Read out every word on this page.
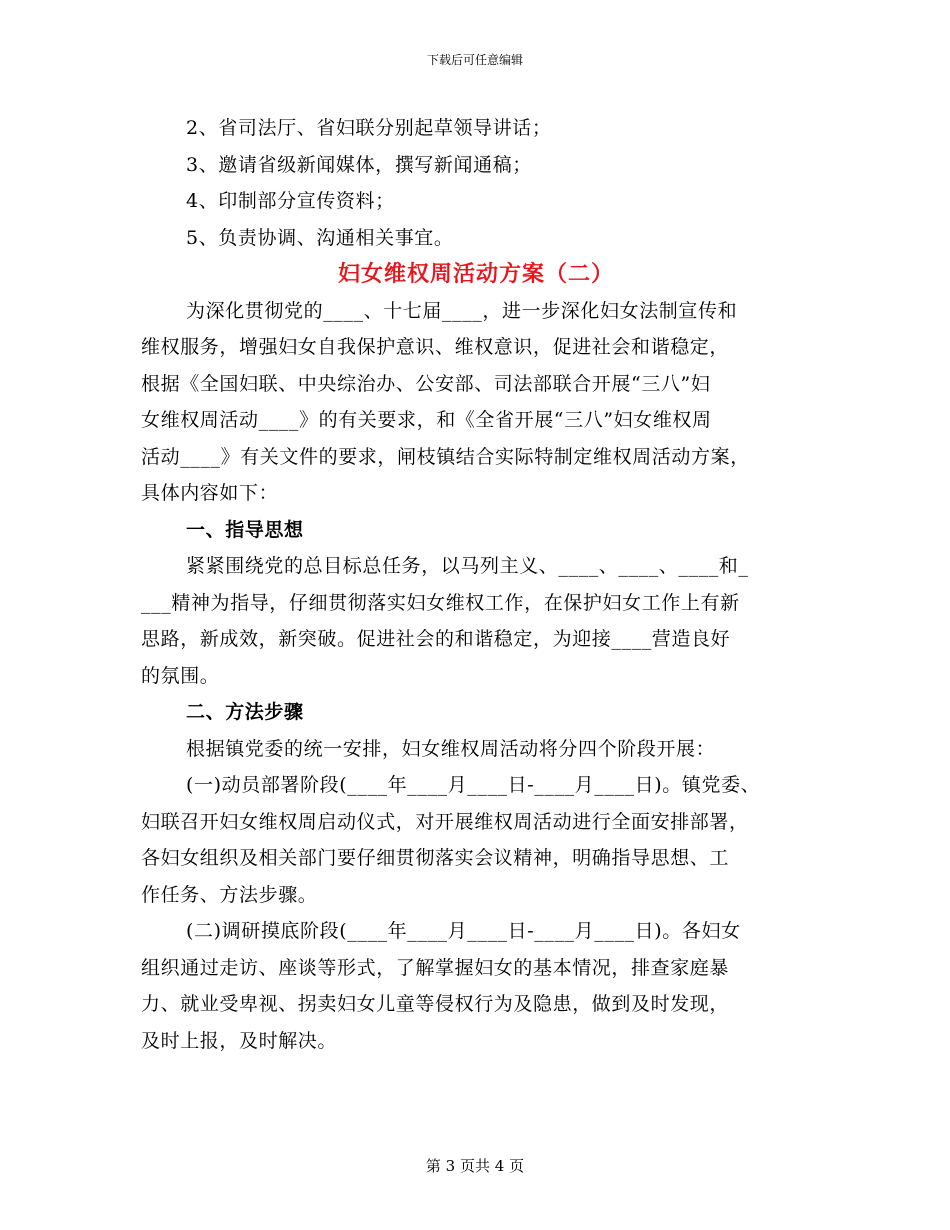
下载后可任意编辑
2、省司法厅、省妇联分别起草领导讲话；
3、邀请省级新闻媒体，撰写新闻通稿；
4、印制部分宣传资料；
5、负责协调、沟通相关事宜。
妇女维权周活动方案（二）
为深化贯彻党的____、十七届____，进一步深化妇女法制宣传和
维权服务，增强妇女自我保护意识、维权意识，促进社会和谐稳定，
根据《全国妇联、中央综治办、公安部、司法部联合开展“三八”妇
女维权周活动____》的有关要求，和《全省开展“三八”妇女维权周
活动____》有关文件的要求，闸枝镇结合实际特制定维权周活动方案，
具体内容如下：
一、指导思想
紧紧围绕党的总目标总任务，以马列主义、____、____、____和_
___精神为指导，仔细贯彻落实妇女维权工作，在保护妇女工作上有新
思路，新成效，新突破。促进社会的和谐稳定，为迎接____营造良好
的氛围。
二、方法步骤
根据镇党委的统一安排，妇女维权周活动将分四个阶段开展：
(一)动员部署阶段(____年____月____日-____月____日)。镇党委、
妇联召开妇女维权周启动仪式，对开展维权周活动进行全面安排部署，
各妇女组织及相关部门要仔细贯彻落实会议精神，明确指导思想、工
作任务、方法步骤。
(二)调研摸底阶段(____年____月____日-____月____日)。各妇女
组织通过走访、座谈等形式，了解掌握妇女的基本情况，排查家庭暴
力、就业受卑视、拐卖妇女儿童等侵权行为及隐患，做到及时发现，
及时上报，及时解决。
第 3 页共 4 页
